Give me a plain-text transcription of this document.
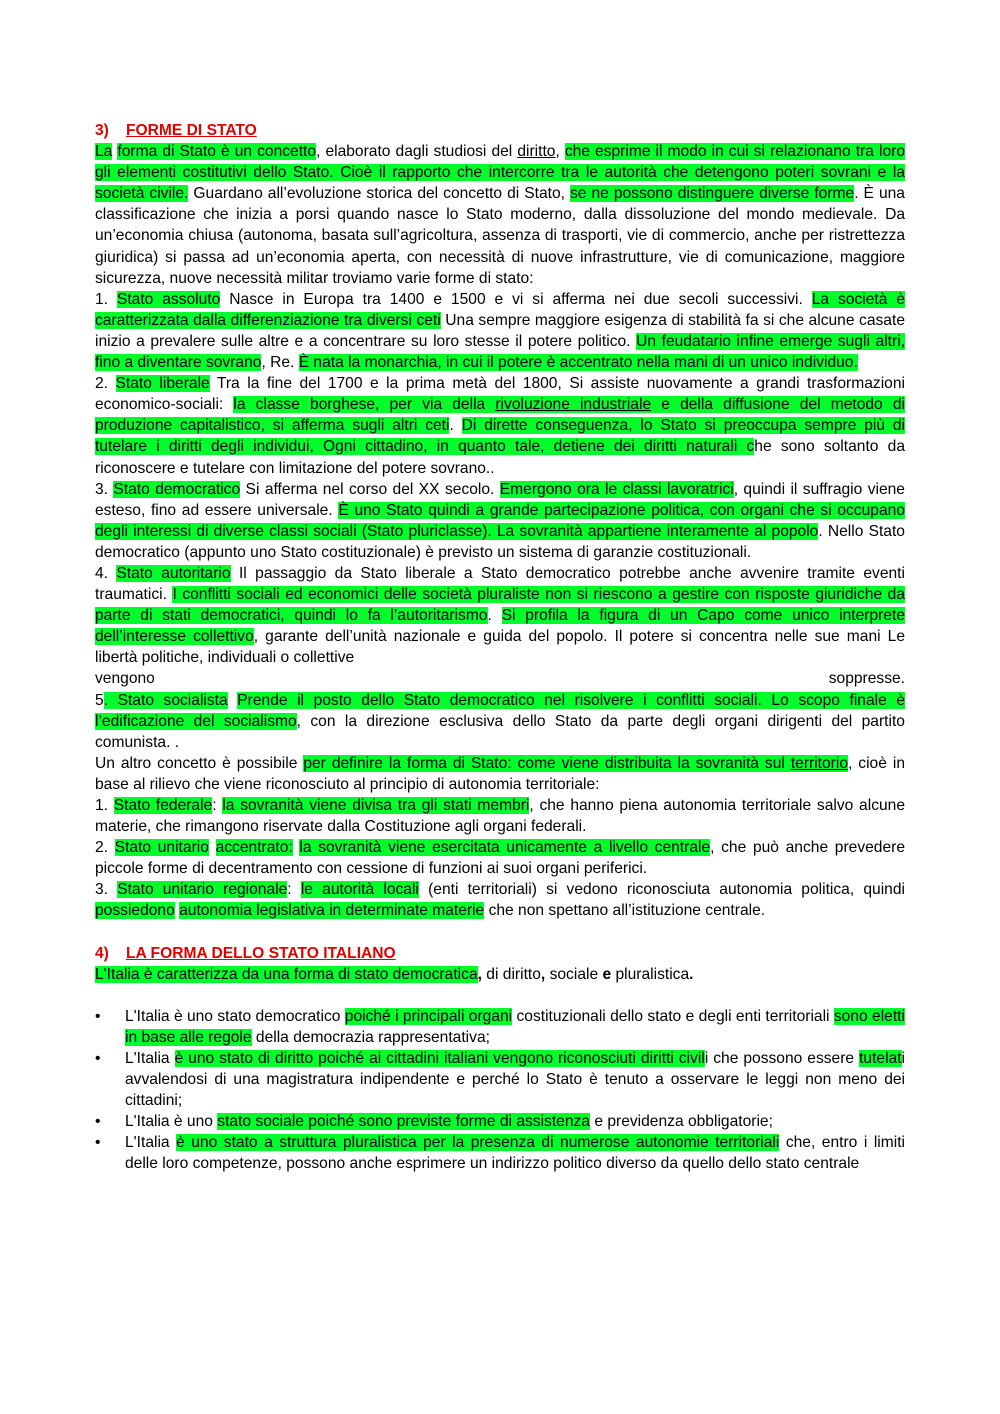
3) FORME DI STATO

La forma di Stato è un concetto, elaborato dagli studiosi del diritto, che esprime il modo in cui si relazionano tra loro gli elementi costitutivi dello Stato. Cioè il rapporto che intercorre tra le autorità che detengono poteri sovrani e la società civile. Guardano all’evoluzione storica del concetto di Stato, se ne possono distinguere diverse forme. È una classificazione che inizia a porsi quando nasce lo Stato moderno, dalla dissoluzione del mondo medievale. Da un’economia chiusa (autonoma, basata sull’agricoltura, assenza di trasporti, vie di commercio, anche per ristrettezza giuridica) si passa ad un’economia aperta, con necessità di nuove infrastrutture, vie di comunicazione, maggiore sicurezza, nuove necessità militar troviamo varie forme di stato:

1. Stato assoluto Nasce in Europa tra 1400 e 1500 e vi si afferma nei due secoli successivi. La società è caratterizzata dalla differenziazione tra diversi ceti Una sempre maggiore esigenza di stabilità fa si che alcune casate inizio a prevalere sulle altre e a concentrare su loro stesse il potere politico. Un feudatario infine emerge sugli altri, fino a diventare sovrano, Re. È nata la monarchia, in cui il potere è accentrato nella mani di un unico individuo.

2. Stato liberale Tra la fine del 1700 e la prima metà del 1800, Si assiste nuovamente a grandi trasformazioni economico-sociali: la classe borghese, per via della rivoluzione industriale e della diffusione del metodo di produzione capitalistico, si afferma sugli altri ceti. Di dirette conseguenza, lo Stato si preoccupa sempre più di tutelare i diritti degli individui, Ogni cittadino, in quanto tale, detiene dei diritti naturali che sono soltanto da riconoscere e tutelare con limitazione del potere sovrano..

3. Stato democratico Si afferma nel corso del XX secolo. Emergono ora le classi lavoratrici, quindi il suffragio viene esteso, fino ad essere universale. È uno Stato quindi a grande partecipazione politica, con organi che si occupano degli interessi di diverse classi sociali (Stato pluriclasse). La sovranità appartiene interamente al popolo. Nello Stato democratico (appunto uno Stato costituzionale) è previsto un sistema di garanzie costituzionali.

4. Stato autoritario Il passaggio da Stato liberale a Stato democratico potrebbe anche avvenire tramite eventi traumatici. I conflitti sociali ed economici delle società pluraliste non si riescono a gestire con risposte giuridiche da parte di stati democratici, quindi lo fa l’autoritarismo. Si profila la figura di un Capo come unico interprete dell’interesse collettivo, garante dell’unità nazionale e guida del popolo. Il potere si concentra nelle sue mani Le libertà politiche, individuali o collettive

vengono	soppresse.

5. Stato socialista Prende il posto dello Stato democratico nel risolvere i conflitti sociali. Lo scopo finale è l’edificazione del socialismo, con la direzione esclusiva dello Stato da parte degli organi dirigenti del partito comunista. .

Un altro concetto è possibile per definire la forma di Stato: come viene distribuita la sovranità sul territorio, cioè in base al rilievo che viene riconosciuto al principio di autonomia territoriale:

1. Stato federale: la sovranità viene divisa tra gli stati membri, che hanno piena autonomia territoriale salvo alcune materie, che rimangono riservate dalla Costituzione agli organi federali.

2. Stato unitario accentrato: la sovranità viene esercitata unicamente a livello centrale, che può anche prevedere piccole forme di decentramento con cessione di funzioni ai suoi organi periferici.

3. Stato unitario regionale: le autorità locali (enti territoriali) si vedono riconosciuta autonomia politica, quindi possiedono autonomia legislativa in determinate materie che non spettano all’istituzione centrale.

4) LA FORMA DELLO STATO ITALIANO

L'Italia è caratterizza da una forma di stato democratica, di diritto, sociale e pluralistica.

• L'Italia è uno stato democratico poiché i principali organi costituzionali dello stato e degli enti territoriali sono eletti in base alle regole della democrazia rappresentativa;
• L'Italia è uno stato di diritto poiché ai cittadini italiani vengono riconosciuti diritti civili che possono essere tutelati avvalendosi di una magistratura indipendente e perché lo Stato è tenuto a osservare le leggi non meno dei cittadini;
• L'Italia è uno stato sociale poiché sono previste forme di assistenza e previdenza obbligatorie;
• L'Italia è uno stato a struttura pluralistica per la presenza di numerose autonomie territoriali che, entro i limiti delle loro competenze, possono anche esprimere un indirizzo politico diverso da quello dello stato centrale
